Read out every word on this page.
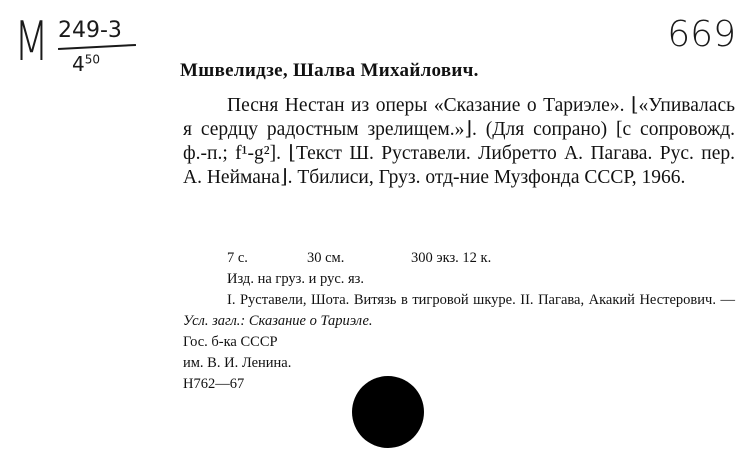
М 249-3
$4^{50}$
669
Мшвелидзе, Шалва Михайлович.

Песня Нестан из оперы «Сказание о Тариэле». ⌊«Упивалась я сердцу радостным зрелищем.»⌋. (Для сопрано) [с сопровожд. ф.-п.; f¹-g²]. ⌊Текст Ш. Руставели. Либретто А. Пагава. Рус. пер. А. Неймана⌋. Тбилиси, Груз. отд-ние Музфонда СССР, 1966.

7 с.	30 см.	300 экз. 12 к.

Изд. на груз. и рус. яз.

I. Руставели, Шота. Витязь в тигровой шкуре. II. Пагава, Акакий Нестерович. — Усл. загл.: Сказание о Тариэле.

Гос. б-ка СССР

им. В. И. Ленина.

Н762—67
